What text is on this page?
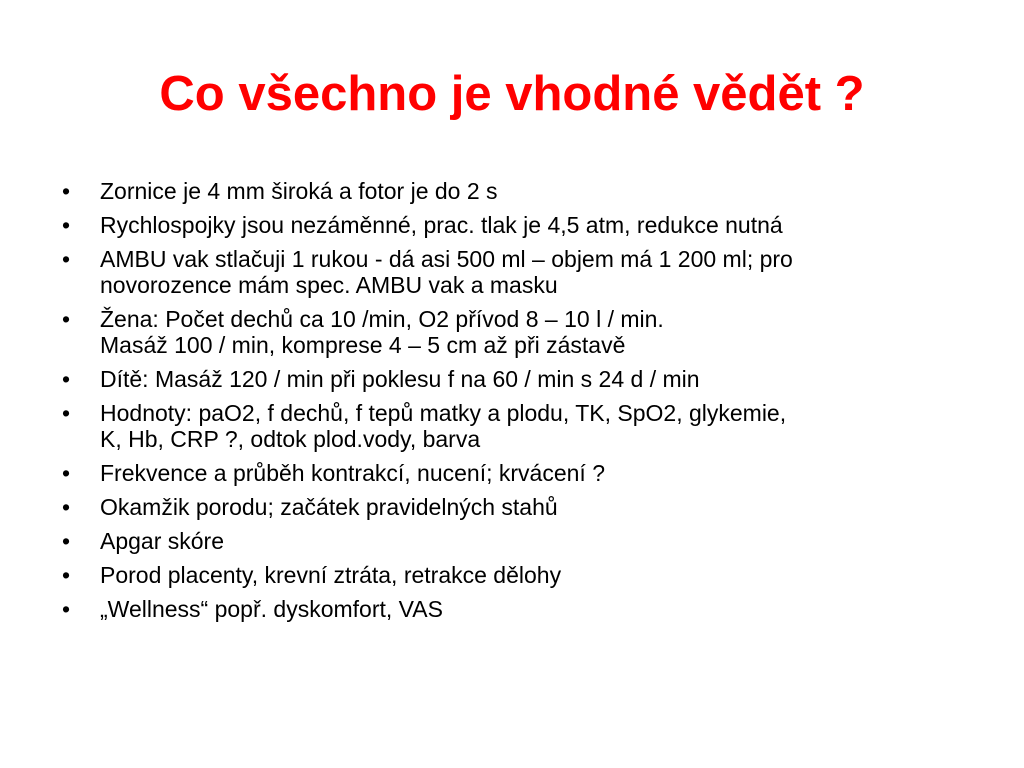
Co všechno je vhodné vědět ?
• Zornice je 4 mm široká a fotor je do 2 s
• Rychlospojky jsou nezáměnné, prac. tlak je 4,5 atm, redukce nutná
• AMBU vak stlačuji 1 rukou - dá asi 500 ml – objem má 1 200 ml; pro
novorozence mám spec. AMBU vak a masku
• Žena: Počet dechů ca 10 /min, O2 přívod 8 – 10 l / min.
Masáž 100 / min, komprese 4 – 5 cm až při zástavě
• Dítě: Masáž 120 / min při poklesu f na 60 / min s 24 d / min
• Hodnoty: paO2, f dechů, f tepů matky a plodu, TK, SpO2, glykemie,
K, Hb, CRP ?, odtok plod.vody, barva
• Frekvence a průběh kontrakcí, nucení; krvácení ?
• Okamžik porodu; začátek pravidelných stahů
• Apgar skóre
• Porod placenty, krevní ztráta, retrakce dělohy
• „Wellness“ popř. dyskomfort, VAS
